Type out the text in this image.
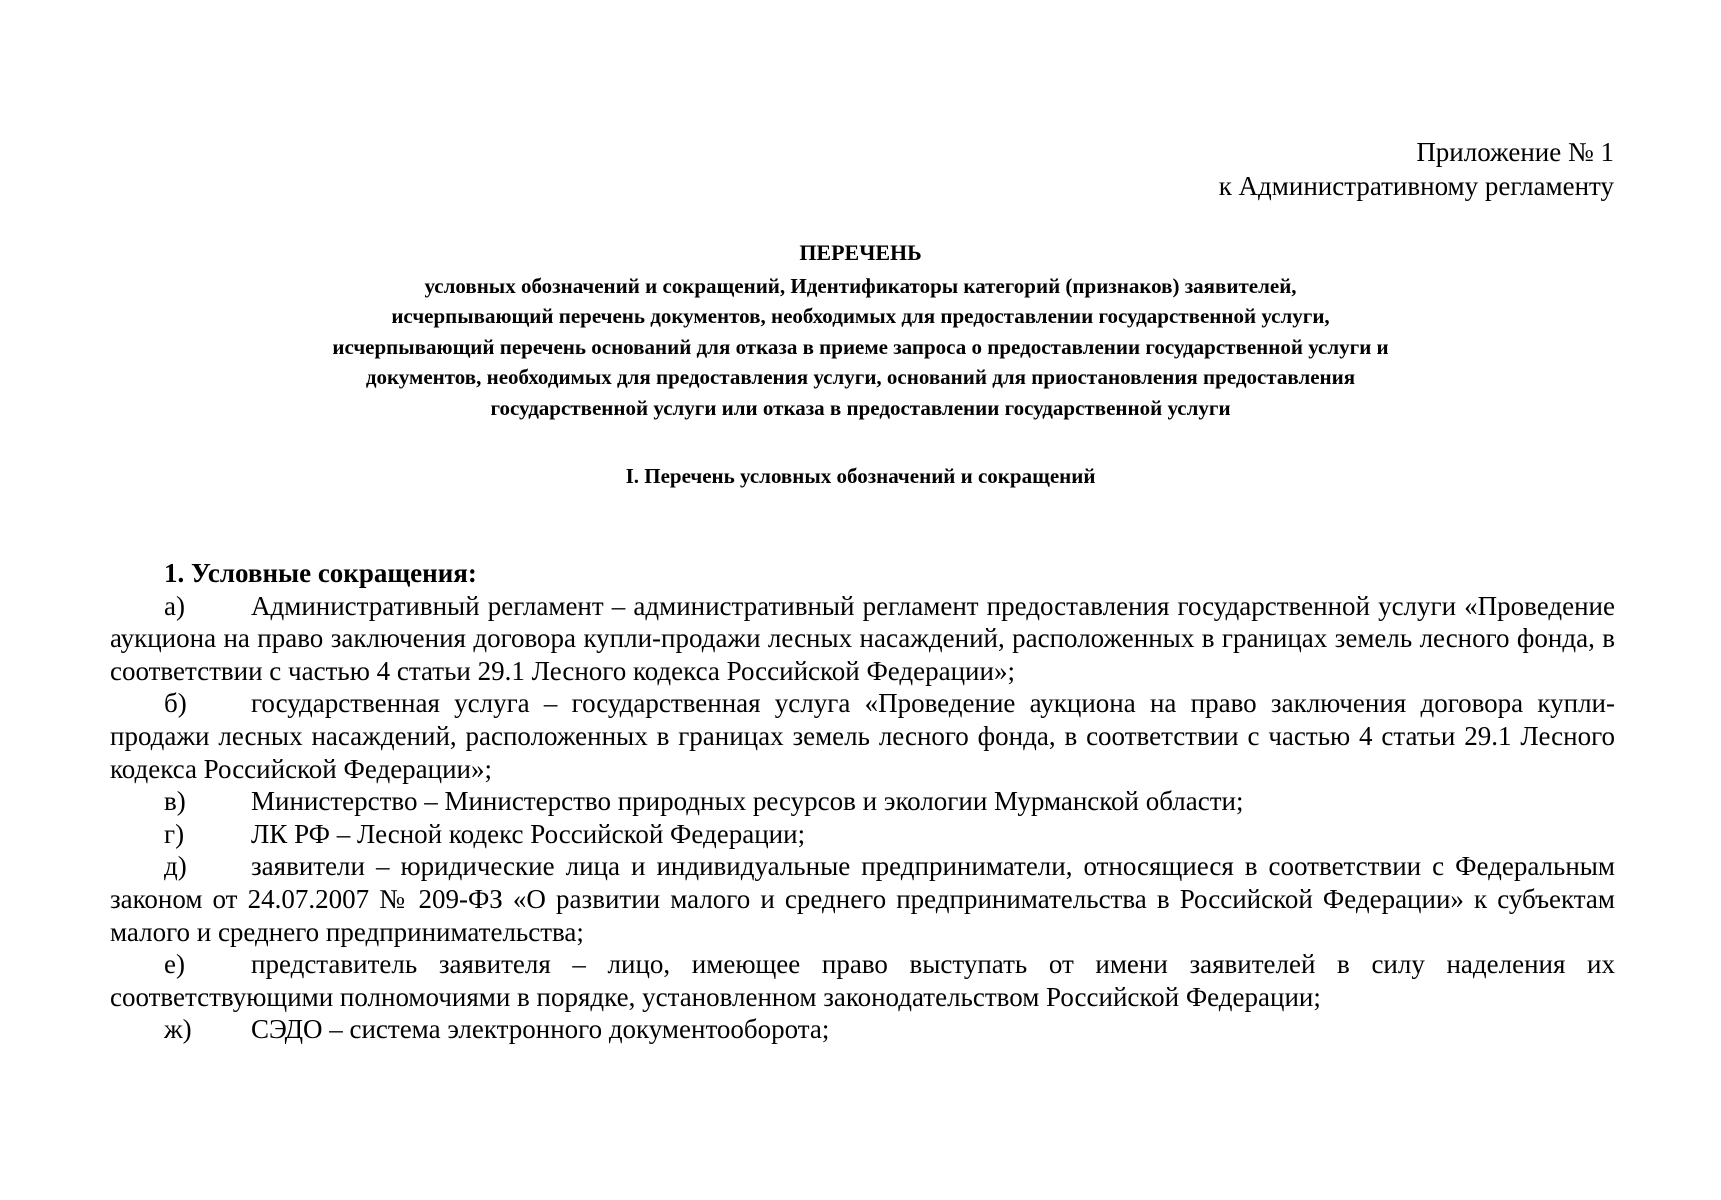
Приложение № 1
к Административному регламенту
ПЕРЕЧЕНЬ
условных обозначений и сокращений, Идентификаторы категорий (признаков) заявителей,
исчерпывающий перечень документов, необходимых для предоставлении государственной услуги,
исчерпывающий перечень оснований для отказа в приеме запроса о предоставлении государственной услуги и
документов, необходимых для предоставления услуги, оснований для приостановления предоставления
государственной услуги или отказа в предоставлении государственной услуги
I. Перечень условных обозначений и сокращений
1. Условные сокращения:
а) Административный регламент – административный регламент предоставления государственной услуги «Проведение аукциона на право заключения договора купли-продажи лесных насаждений, расположенных в границах земель лесного фонда, в соответствии с частью 4 статьи 29.1 Лесного кодекса Российской Федерации»;
б) государственная услуга – государственная услуга «Проведение аукциона на право заключения договора купли-продажи лесных насаждений, расположенных в границах земель лесного фонда, в соответствии с частью 4 статьи 29.1 Лесного кодекса Российской Федерации»;
в) Министерство – Министерство природных ресурсов и экологии Мурманской области;
г) ЛК РФ – Лесной кодекс Российской Федерации;
д) заявители – юридические лица и индивидуальные предприниматели, относящиеся в соответствии с Федеральным законом от 24.07.2007 № 209-ФЗ «О развитии малого и среднего предпринимательства в Российской Федерации» к субъектам малого и среднего предпринимательства;
е) представитель заявителя – лицо, имеющее право выступать от имени заявителей в силу наделения их соответствующими полномочиями в порядке, установленном законодательством Российской Федерации;
ж) СЭДО – система электронного документооборота;
